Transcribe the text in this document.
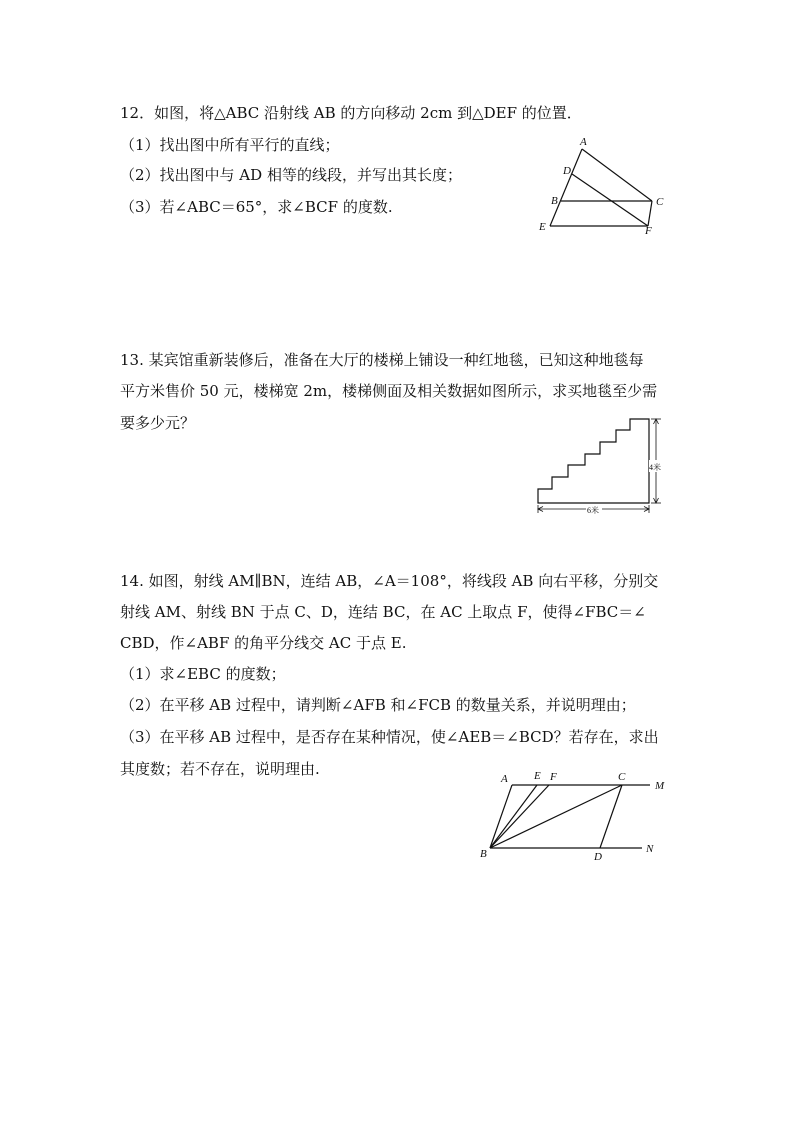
12．如图，将△ABC 沿射线 AB 的方向移动 2cm 到△DEF 的位置．
（1）找出图中所有平行的直线；
（2）找出图中与 AD 相等的线段，并写出其长度；
（3）若∠ABC＝65°，求∠BCF 的度数.
A
D
B	C
E	F
13. 某宾馆重新装修后，准备在大厅的楼梯上铺设一种红地毯，已知这种地毯每
平方米售价 50 元，楼梯宽 2m，楼梯侧面及相关数据如图所示，求买地毯至少需
要多少元？
4米
6米
14. 如图，射线 AM∥BN，连结 AB，∠A＝108°，将线段 AB 向右平移，分别交
射线 AM、射线 BN 于点 C、D，连结 BC，在 AC 上取点 F，使得∠FBC＝∠
CBD，作∠ABF 的角平分线交 AC 于点 E.
（1）求∠EBC 的度数；
（2）在平移 AB 过程中，请判断∠AFB 和∠FCB 的数量关系，并说明理由；
（3）在平移 AB 过程中，是否存在某种情况，使∠AEB＝∠BCD？若存在，求出
其度数；若不存在，说明理由.
A E F	C
M
B	D
N
